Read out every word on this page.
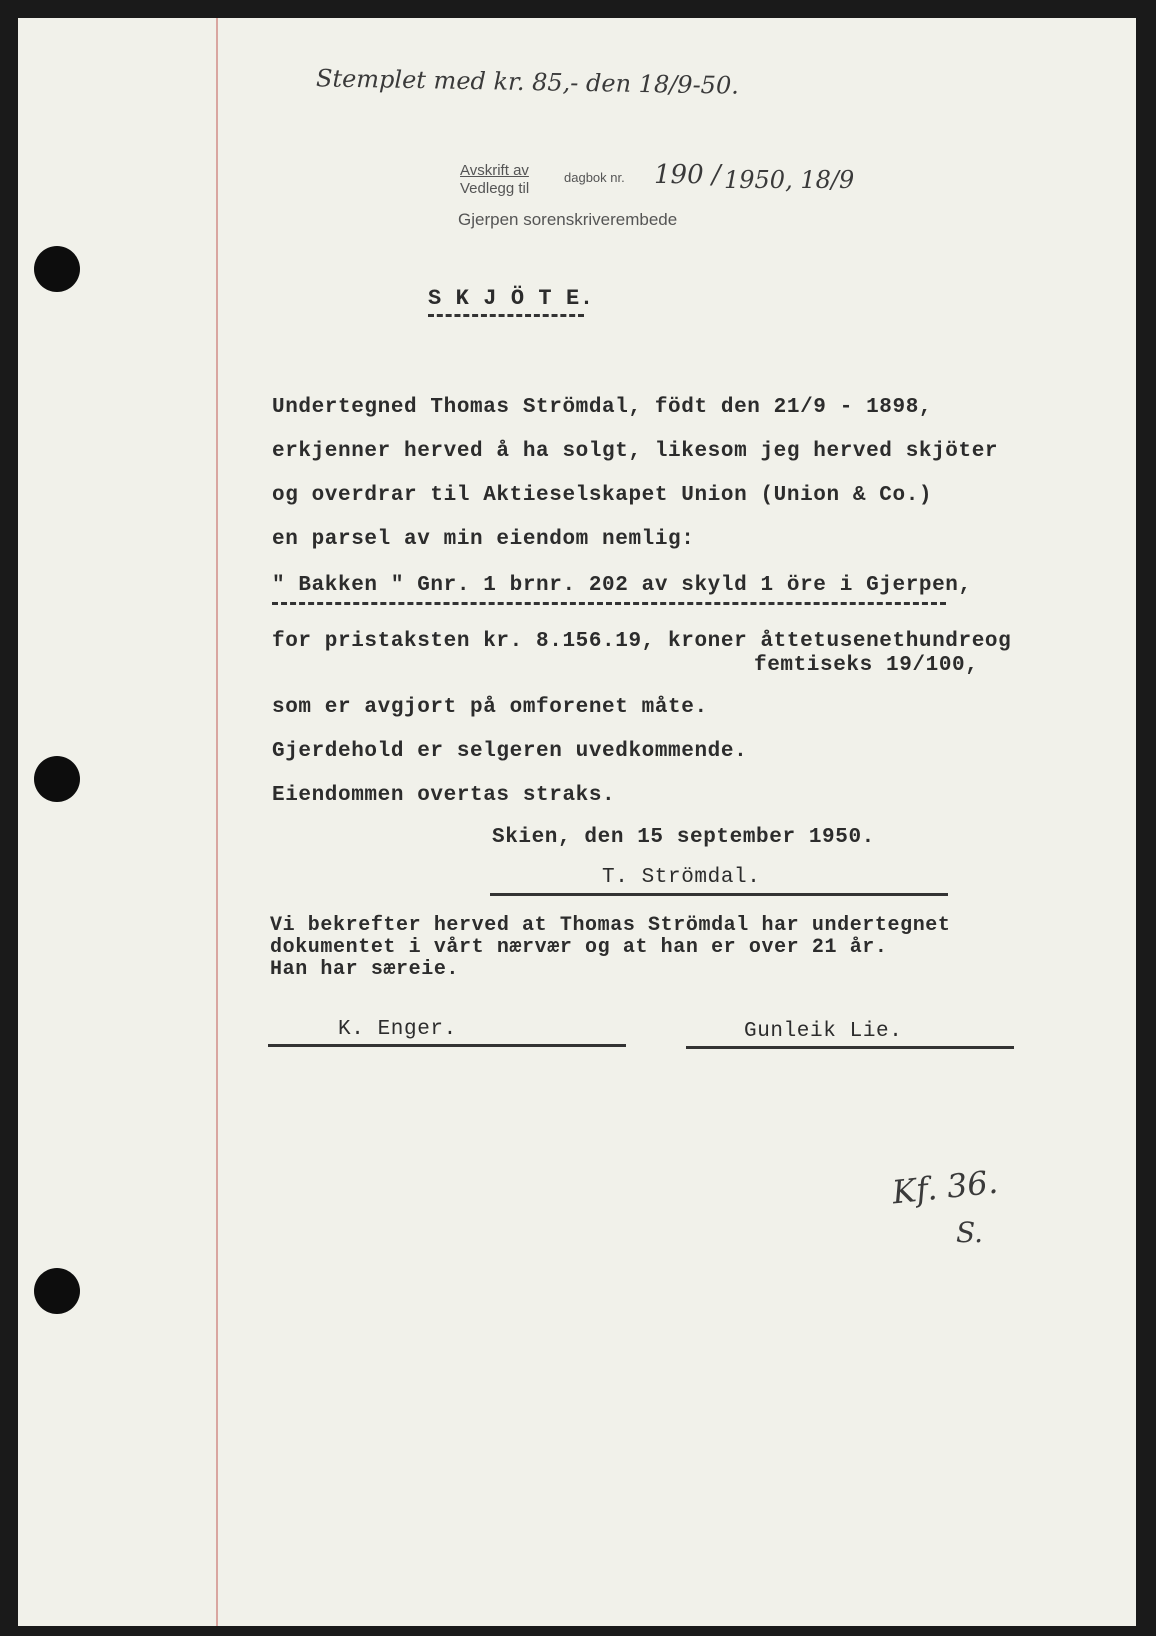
Stemplet med kr. 85,- den 18/9-50.
Avskrift av
Vedlegg til
dagbok nr. 190 / 1950, 18/9
Gjerpen sorenskriverembede
S K J Ö T E.
Undertegned Thomas Strömdal, födt den 21/9 - 1898,
erkjenner herved å ha solgt, likesom jeg herved skjöter
og overdrar til Aktieselskapet Union (Union & Co.)
en parsel av min eiendom nemlig:
" Bakken " Gnr. 1 brnr. 202 av skyld 1 öre i Gjerpen,
for pristaksten kr. 8.156.19, kroner åttetusenethundreog
femtiseks 19/100,
som er avgjort på omforenet måte.
Gjerdehold er selgeren uvedkommende.
Eiendommen overtas straks.
Skien, den 15 september 1950.
T. Strömdal.
Vi bekrefter herved at Thomas Strömdal har undertegnet
dokumentet i vårt nærvær og at han er over 21 år.
Han har særeie.
K. Enger.	Gunleik Lie.
Kf. 36.
S.
